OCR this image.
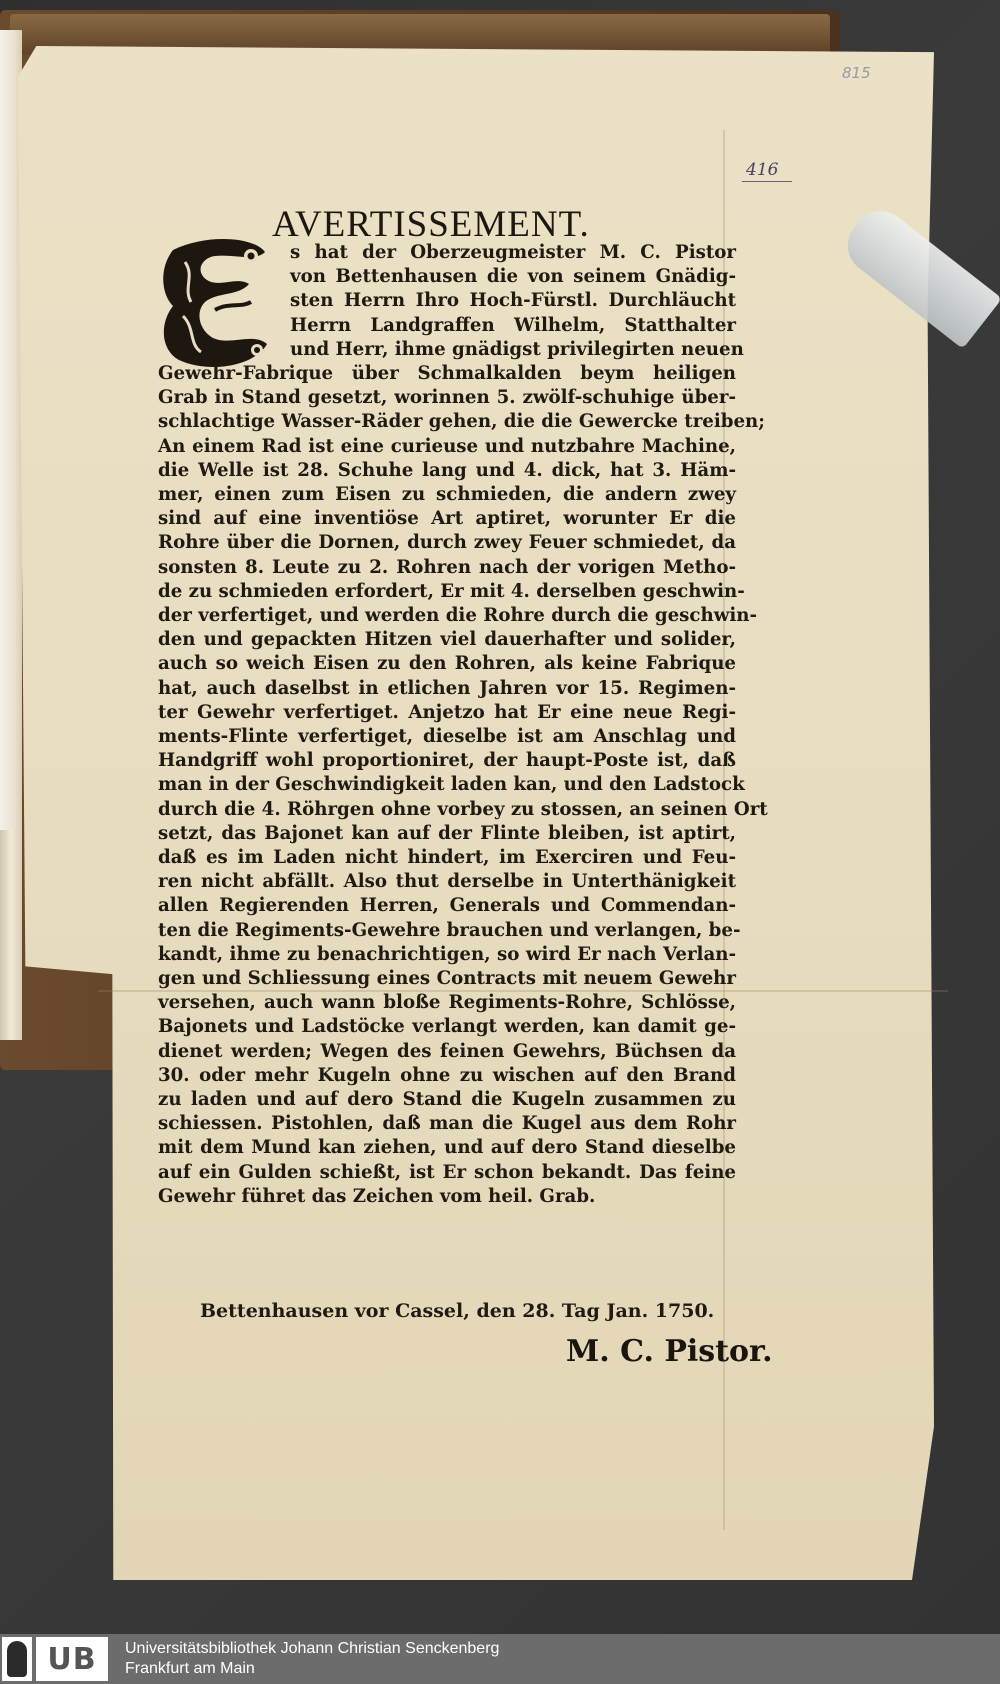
815
416
AVERTISSEMENT.
s hat der Oberzeugmeister M. C. Pistor
von Bettenhausen die von seinem Gnädig-
sten Herrn Ihro Hoch-Fürstl. Durchläucht
Herrn Landgraffen Wilhelm, Statthalter
und Herr, ihme gnädigst privilegirten neuen
Gewehr-Fabrique über Schmalkalden beym heiligen
Grab in Stand gesetzt, worinnen 5. zwölf-schuhige über-
schlachtige Wasser-Räder gehen, die die Gewercke treiben;
An einem Rad ist eine curieuse und nutzbahre Machine,
die Welle ist 28. Schuhe lang und 4. dick, hat 3. Häm-
mer, einen zum Eisen zu schmieden, die andern zwey
sind auf eine inventiöse Art aptiret, worunter Er die
Rohre über die Dornen, durch zwey Feuer schmiedet, da
sonsten 8. Leute zu 2. Rohren nach der vorigen Metho-
de zu schmieden erfordert, Er mit 4. derselben geschwin-
der verfertiget, und werden die Rohre durch die geschwin-
den und gepackten Hitzen viel dauerhafter und solider,
auch so weich Eisen zu den Rohren, als keine Fabrique
hat, auch daselbst in etlichen Jahren vor 15. Regimen-
ter Gewehr verfertiget. Anjetzo hat Er eine neue Regi-
ments-Flinte verfertiget, dieselbe ist am Anschlag und
Handgriff wohl proportioniret, der haupt-Poste ist, daß
man in der Geschwindigkeit laden kan, und den Ladstock
durch die 4. Röhrgen ohne vorbey zu stossen, an seinen Ort
setzt, das Bajonet kan auf der Flinte bleiben, ist aptirt,
daß es im Laden nicht hindert, im Exerciren und Feu-
ren nicht abfällt. Also thut derselbe in Unterthänigkeit
allen Regierenden Herren, Generals und Commendan-
ten die Regiments-Gewehre brauchen und verlangen, be-
kandt, ihme zu benachrichtigen, so wird Er nach Verlan-
gen und Schliessung eines Contracts mit neuem Gewehr
versehen, auch wann bloße Regiments-Rohre, Schlösse,
Bajonets und Ladstöcke verlangt werden, kan damit ge-
dienet werden; Wegen des feinen Gewehrs, Büchsen da
30. oder mehr Kugeln ohne zu wischen auf den Brand
zu laden und auf dero Stand die Kugeln zusammen zu
schiessen. Pistohlen, daß man die Kugel aus dem Rohr
mit dem Mund kan ziehen, und auf dero Stand dieselbe
auf ein Gulden schießt, ist Er schon bekandt. Das feine
Gewehr führet das Zeichen vom heil. Grab.
Bettenhausen vor Cassel, den 28. Tag Jan. 1750.
M. C. Pistor.
UB	Universitätsbibliothek Johann Christian Senckenberg
Frankfurt am Main
